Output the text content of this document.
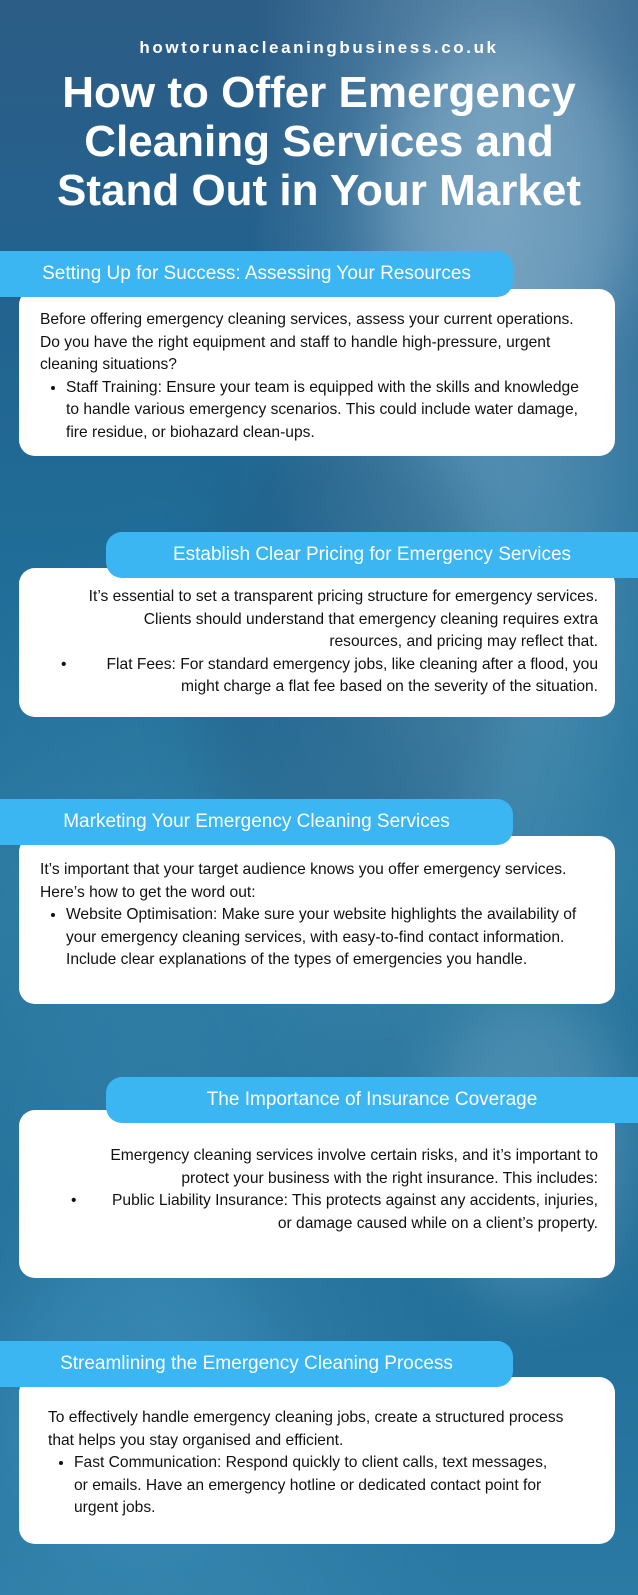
howtorunacleaningbusiness.co.uk
How to Offer Emergency Cleaning Services and Stand Out in Your Market

Before offering emergency cleaning services, assess your current operations. Do you have the right equipment and staff to handle high-pressure, urgent cleaning situations?

• Staff Training: Ensure your team is equipped with the skills and knowledge to handle various emergency scenarios. This could include water damage, fire residue, or biohazard clean-ups.
Setting Up for Success: Assessing Your Resources

It’s essential to set a transparent pricing structure for emergency services. Clients should understand that emergency cleaning requires extra resources, and pricing may reflect that.

• Flat Fees: For standard emergency jobs, like cleaning after a flood, you might charge a flat fee based on the severity of the situation.
Establish Clear Pricing for Emergency Services

It’s important that your target audience knows you offer emergency services. Here’s how to get the word out:

• Website Optimisation: Make sure your website highlights the availability of your emergency cleaning services, with easy-to-find contact information. Include clear explanations of the types of emergencies you handle.
Marketing Your Emergency Cleaning Services

Emergency cleaning services involve certain risks, and it’s important to protect your business with the right insurance. This includes:

• Public Liability Insurance: This protects against any accidents, injuries, or damage caused while on a client’s property.
The Importance of Insurance Coverage

To effectively handle emergency cleaning jobs, create a structured process that helps you stay organised and efficient.

• Fast Communication: Respond quickly to client calls, text messages, or emails. Have an emergency hotline or dedicated contact point for urgent jobs.
Streamlining the Emergency Cleaning Process
